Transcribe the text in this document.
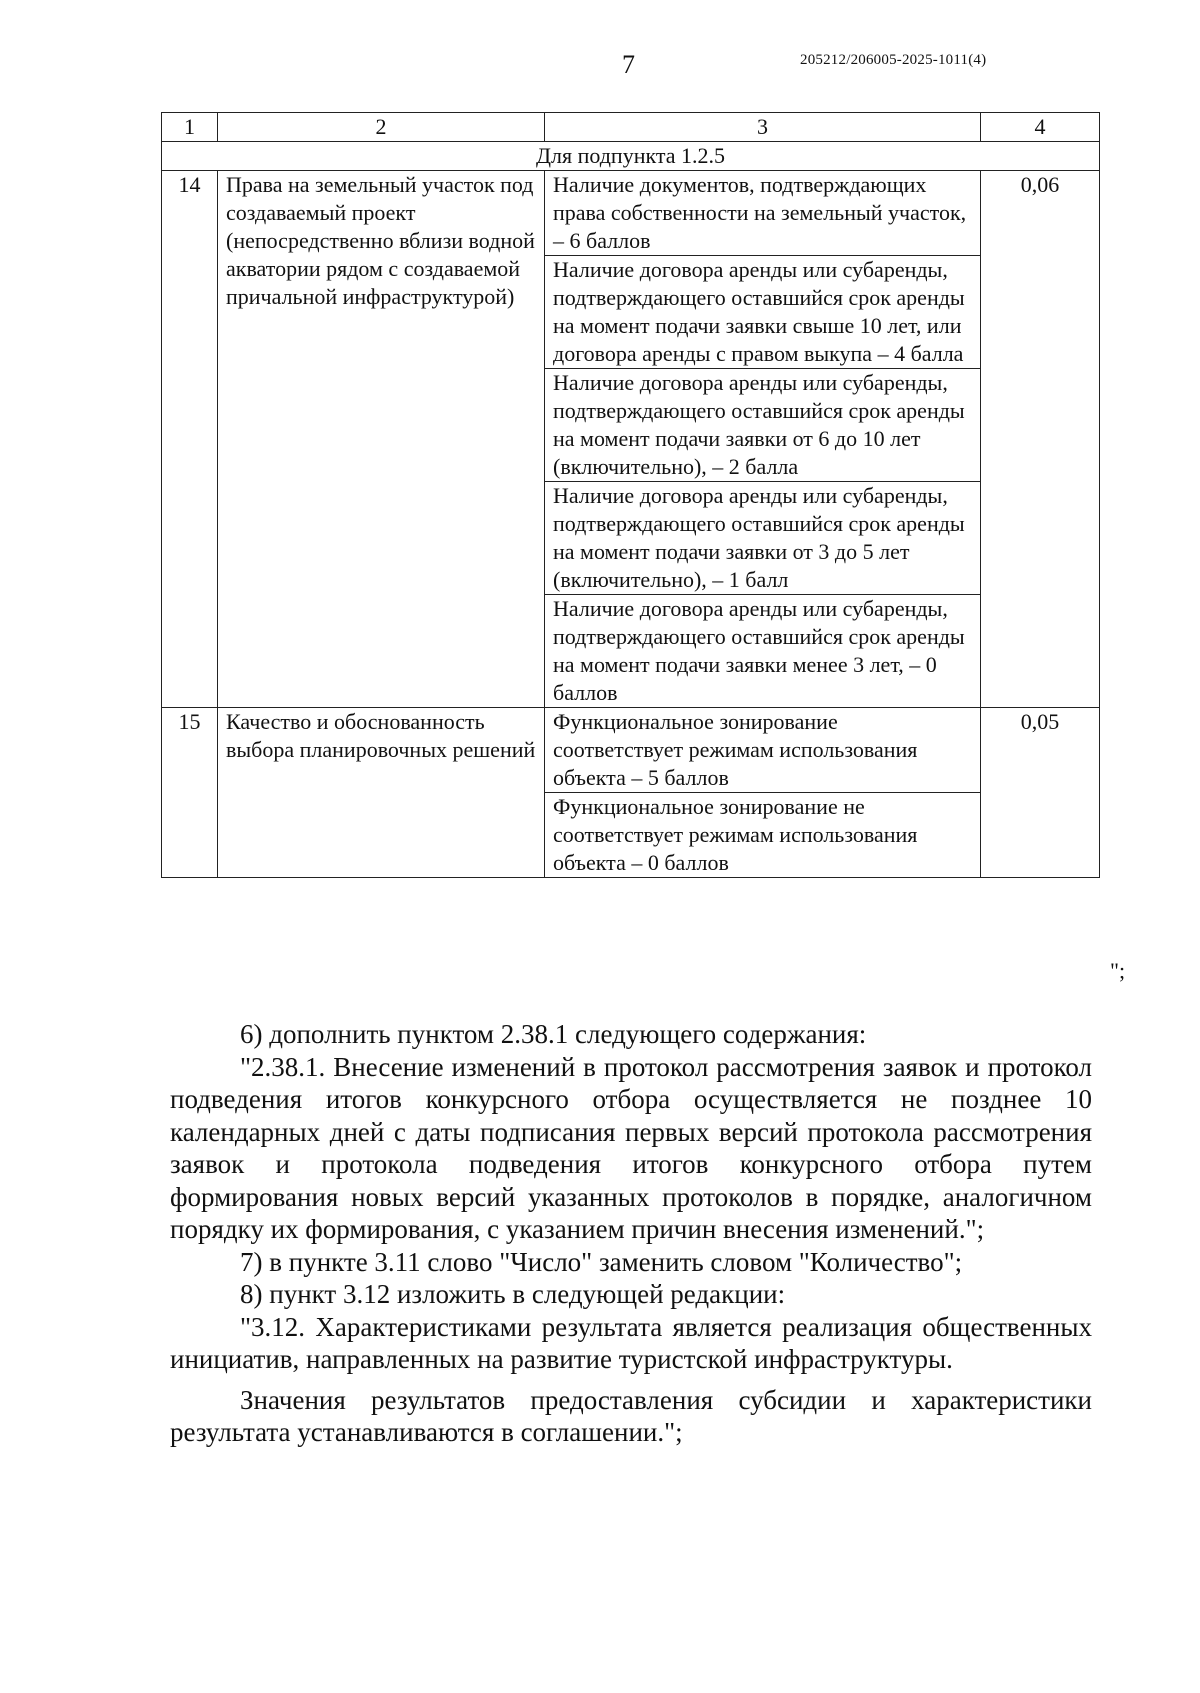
7	205212/206005-2025-1011(4)
1	2	3	4
Для подпункта 1.2.5			
14	Права на земельный участок под создаваемый проект (непосредственно вблизи водной акватории рядом с создаваемой причальной инфраструктурой)	Наличие документов, подтверждающих права собственности на земельный участок, – 6 баллов	0,06
		Наличие договора аренды или субаренды, подтверждающего оставшийся срок аренды на момент подачи заявки свыше 10 лет, или договора аренды с правом выкупа – 4 балла	
		Наличие договора аренды или субаренды, подтверждающего оставшийся срок аренды на момент подачи заявки от 6 до 10 лет (включительно), – 2 балла	
		Наличие договора аренды или субаренды, подтверждающего оставшийся срок аренды на момент подачи заявки от 3 до 5 лет (включительно), – 1 балл	
		Наличие договора аренды или субаренды, подтверждающего оставшийся срок аренды на момент подачи заявки менее 3 лет, – 0 баллов	
15	Качество и обоснованность выбора планировочных решений	Функциональное зонирование соответствует режимам использования объекта – 5 баллов	0,05
		Функциональное зонирование не соответствует режимам использования объекта – 0 баллов	
";

6) дополнить пунктом 2.38.1 следующего содержания:

"2.38.1. Внесение изменений в протокол рассмотрения заявок и протокол подведения итогов конкурсного отбора осуществляется не позднее 10 календарных дней с даты подписания первых версий протокола рассмотрения заявок и протокола подведения итогов конкурсного отбора путем формирования новых версий указанных протоколов в порядке, аналогичном порядку их формирования, с указанием причин внесения изменений.";

7) в пункте 3.11 слово "Число" заменить словом "Количество";

8) пункт 3.12 изложить в следующей редакции:

"3.12. Характеристиками результата является реализация общественных инициатив, направленных на развитие туристской инфраструктуры.

Значения результатов предоставления субсидии и характеристики результата устанавливаются в соглашении.";
